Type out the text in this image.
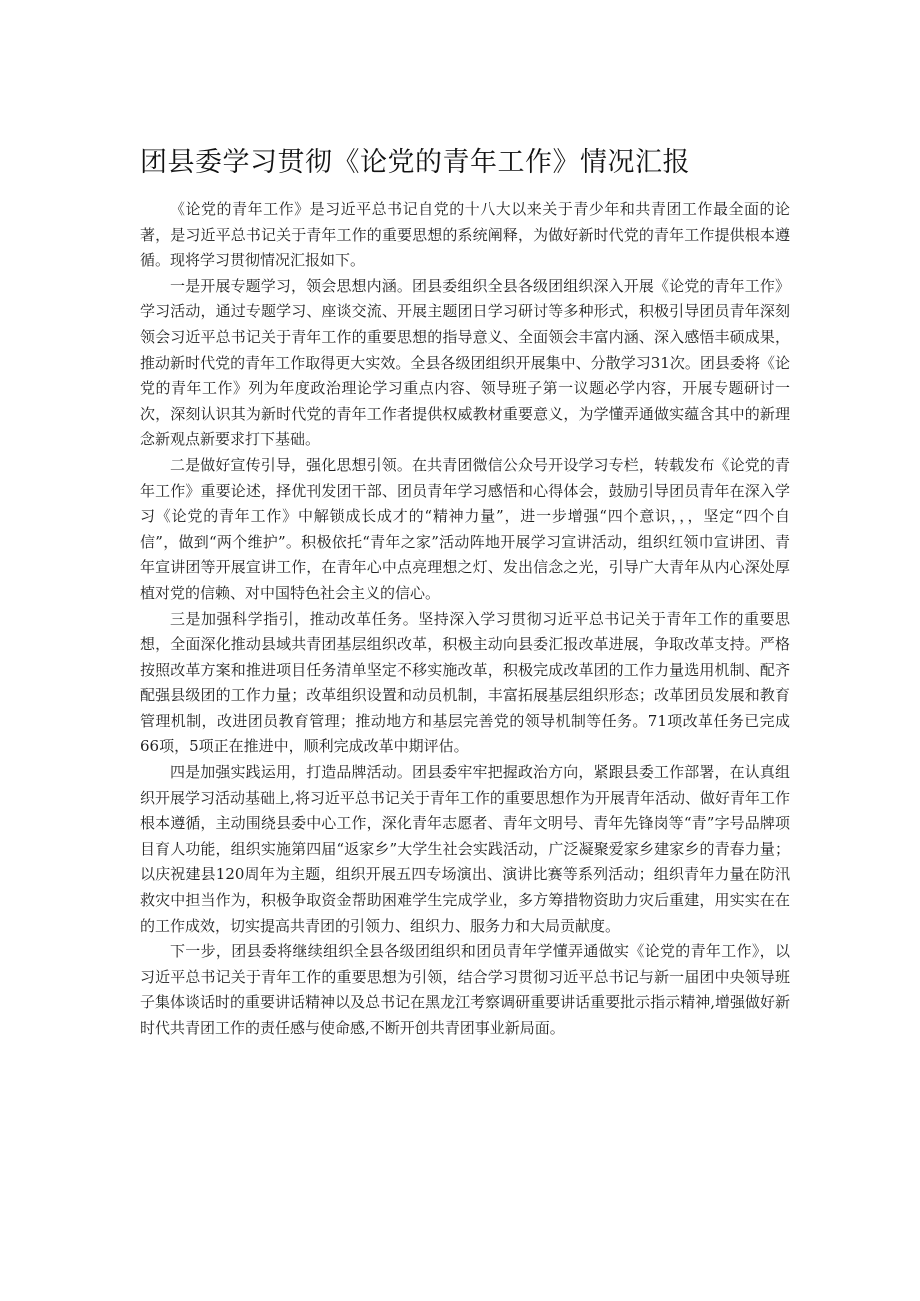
团县委学习贯彻《论党的青年工作》情况汇报

《论党的青年工作》是习近平总书记自党的十八大以来关于青少年和共青团工作最全面的论著，是习近平总书记关于青年工作的重要思想的系统阐释，为做好新时代党的青年工作提供根本遵循。现将学习贯彻情况汇报如下。

一是开展专题学习，领会思想内涵。团县委组织全县各级团组织深入开展《论党的青年工作》学习活动，通过专题学习、座谈交流、开展主题团日学习研讨等多种形式，积极引导团员青年深刻领会习近平总书记关于青年工作的重要思想的指导意义、全面领会丰富内涵、深入感悟丰硕成果，推动新时代党的青年工作取得更大实效。全县各级团组织开展集中、分散学习31次。团县委将《论党的青年工作》列为年度政治理论学习重点内容、领导班子第一议题必学内容，开展专题研讨一次，深刻认识其为新时代党的青年工作者提供权威教材重要意义，为学懂弄通做实蕴含其中的新理念新观点新要求打下基础。

二是做好宣传引导，强化思想引领。在共青团微信公众号开设学习专栏，转载发布《论党的青年工作》重要论述，择优刊发团干部、团员青年学习感悟和心得体会，鼓励引导团员青年在深入学习《论党的青年工作》中解锁成长成才的“精神力量”，进一步增强“四个意识，，，坚定“四个自信”，做到“两个维护”。积极依托“青年之家”活动阵地开展学习宣讲活动，组织红领巾宣讲团、青年宣讲团等开展宣讲工作，在青年心中点亮理想之灯、发出信念之光，引导广大青年从内心深处厚植对党的信赖、对中国特色社会主义的信心。

三是加强科学指引，推动改革任务。坚持深入学习贯彻习近平总书记关于青年工作的重要思想，全面深化推动县域共青团基层组织改革，积极主动向县委汇报改革进展，争取改革支持。严格按照改革方案和推进项目任务清单坚定不移实施改革，积极完成改革团的工作力量选用机制、配齐配强县级团的工作力量；改革组织设置和动员机制，丰富拓展基层组织形态；改革团员发展和教育管理机制，改进团员教育管理；推动地方和基层完善党的领导机制等任务。71项改革任务已完成66项，5项正在推进中，顺利完成改革中期评估。

四是加强实践运用，打造品牌活动。团县委牢牢把握政治方向，紧跟县委工作部署，在认真组织开展学习活动基础上,将习近平总书记关于青年工作的重要思想作为开展青年活动、做好青年工作根本遵循，主动围绕县委中心工作，深化青年志愿者、青年文明号、青年先锋岗等“青”字号品牌项目育人功能，组织实施第四届“返家乡”大学生社会实践活动，广泛凝聚爱家乡建家乡的青春力量；以庆祝建县120周年为主题，组织开展五四专场演出、演讲比赛等系列活动；组织青年力量在防汛救灾中担当作为，积极争取资金帮助困难学生完成学业，多方筹措物资助力灾后重建，用实实在在的工作成效，切实提高共青团的引领力、组织力、服务力和大局贡献度。

下一步，团县委将继续组织全县各级团组织和团员青年学懂弄通做实《论党的青年工作》，以习近平总书记关于青年工作的重要思想为引领，结合学习贯彻习近平总书记与新一届团中央领导班子集体谈话时的重要讲话精神以及总书记在黑龙江考察调研重要讲话重要批示指示精神,增强做好新时代共青团工作的责任感与使命感,不断开创共青团事业新局面。
